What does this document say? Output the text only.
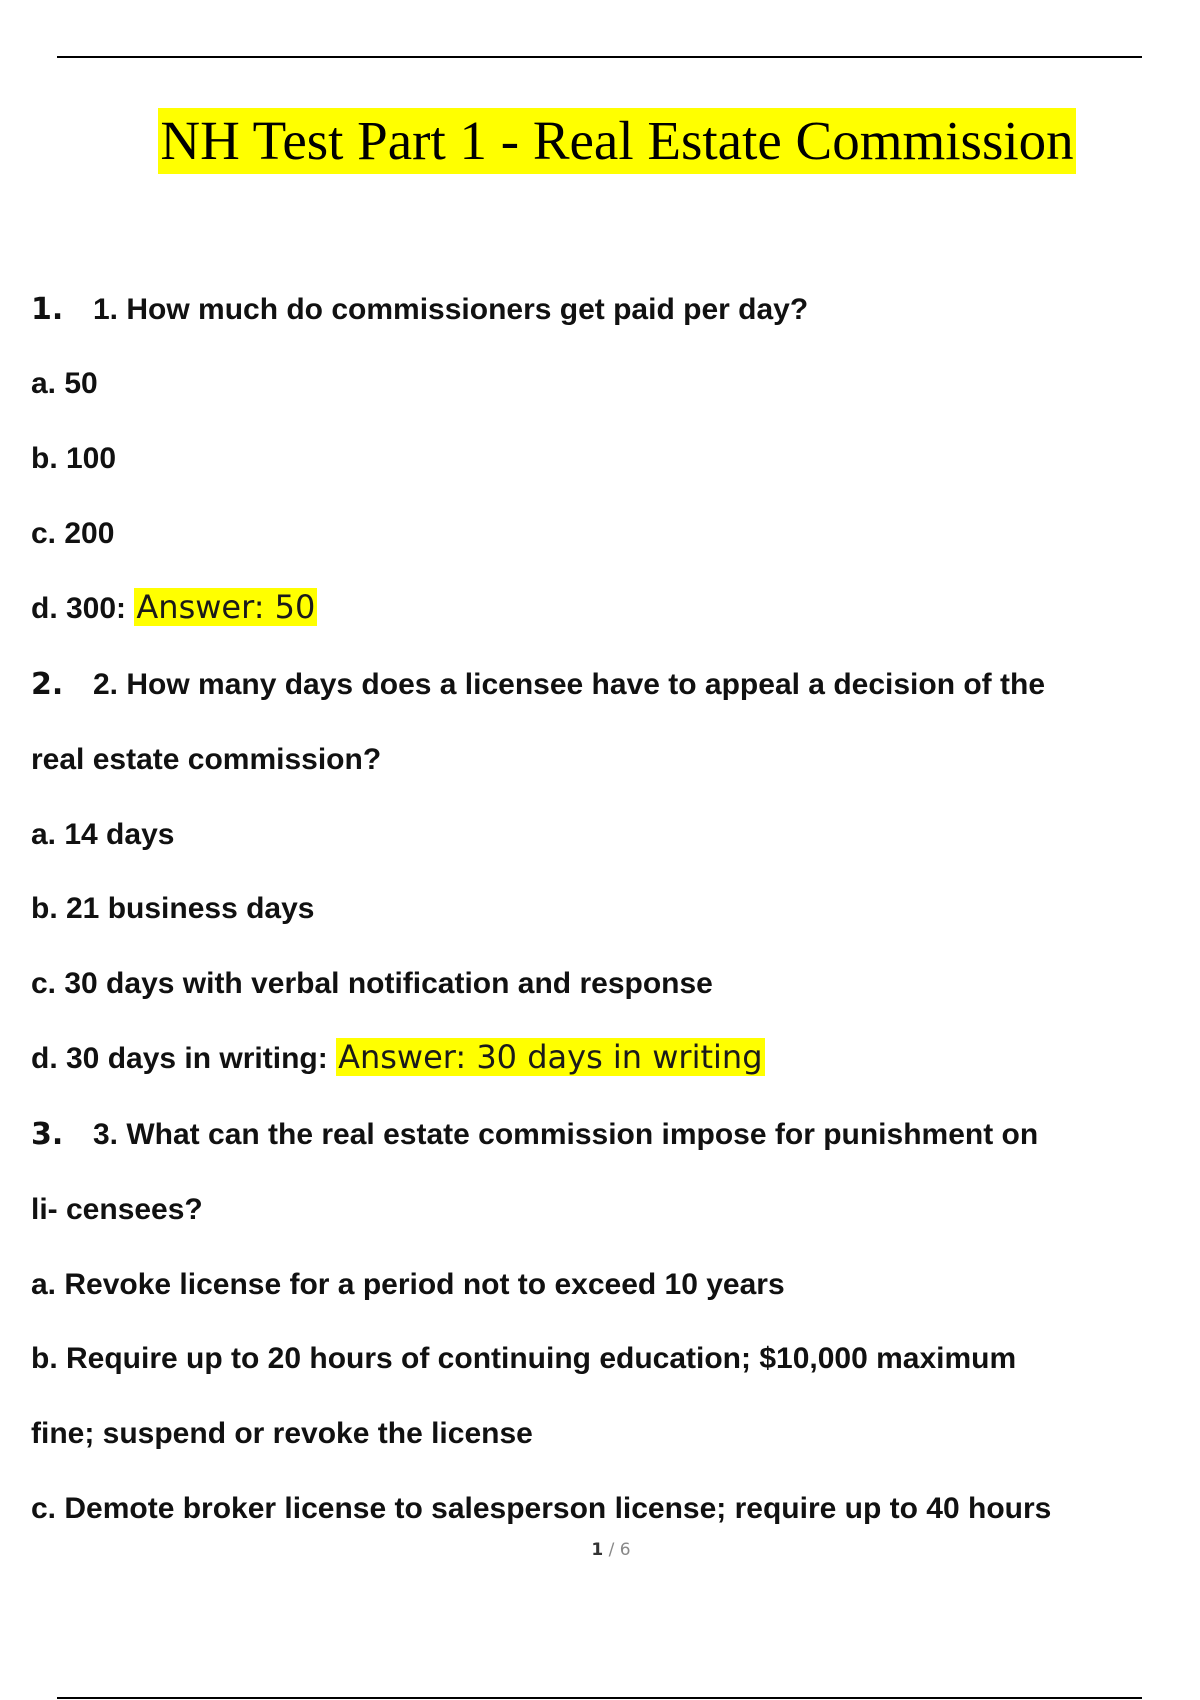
NH Test Part 1 - Real Estate Commission
1. 1. How much do commissioners get paid per day?
a. 50
b. 100
c. 200
d. 300: Answer: 50
2. 2. How many days does a licensee have to appeal a decision of the
real estate commission?
a. 14 days
b. 21 business days
c. 30 days with verbal notification and response
d. 30 days in writing: Answer: 30 days in writing
3. 3. What can the real estate commission impose for punishment on
li- censees?
a. Revoke license for a period not to exceed 10 years
b. Require up to 20 hours of continuing education; $10,000 maximum
fine; suspend or revoke the license
c. Demote broker license to salesperson license; require up to 40 hours
1 / 6
